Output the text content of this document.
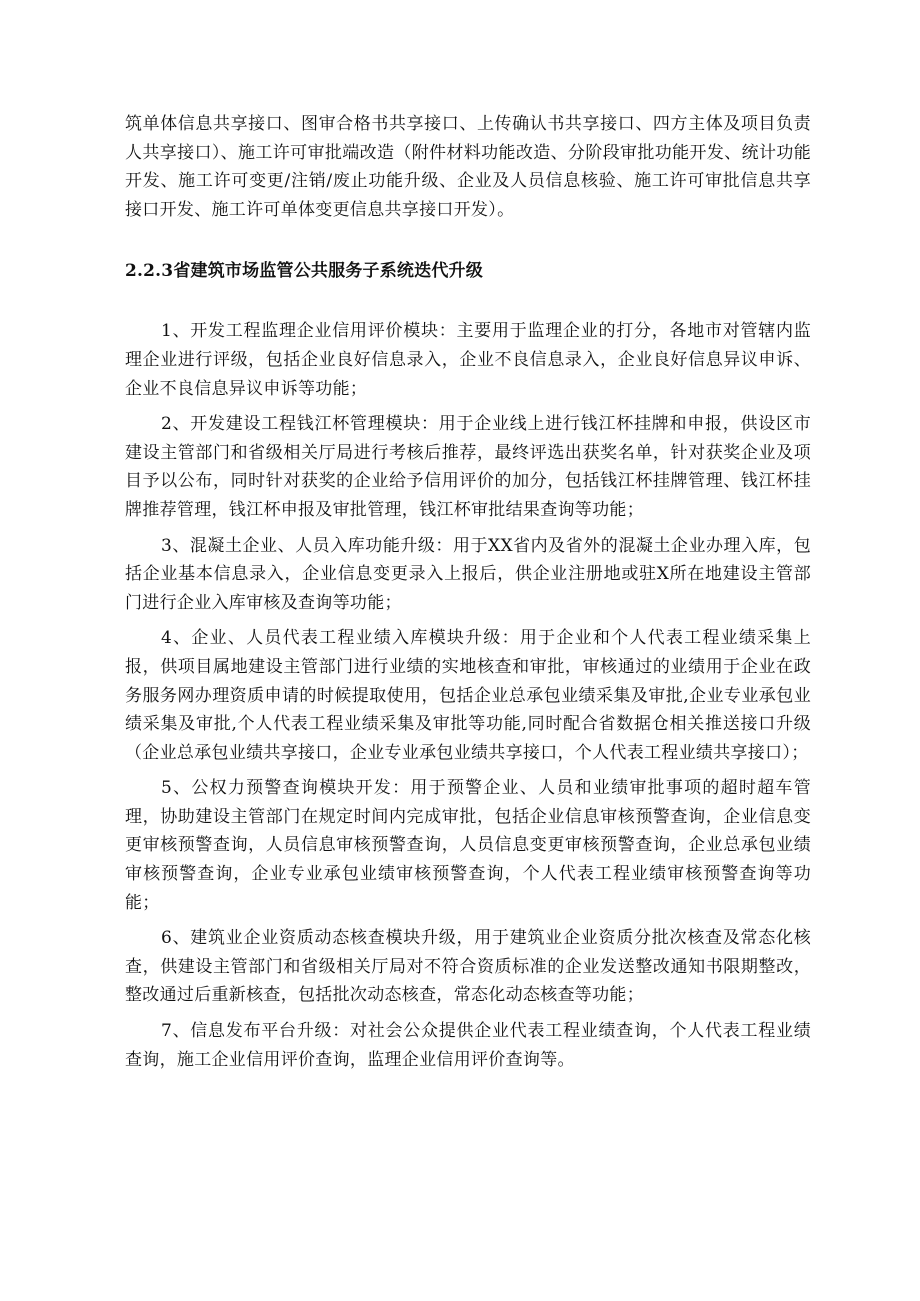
筑单体信息共享接口、图审合格书共享接口、上传确认书共享接口、四方主体及项目负责人共享接口）、施工许可审批端改造（附件材料功能改造、分阶段审批功能开发、统计功能开发、施工许可变更/注销/废止功能升级、企业及人员信息核验、施工许可审批信息共享接口开发、施工许可单体变更信息共享接口开发）。

2.2.3省建筑市场监管公共服务子系统迭代升级

1、开发工程监理企业信用评价模块：主要用于监理企业的打分，各地市对管辖内监理企业进行评级，包括企业良好信息录入，企业不良信息录入，企业良好信息异议申诉、企业不良信息异议申诉等功能；

2、开发建设工程钱江杯管理模块：用于企业线上进行钱江杯挂牌和申报，供设区市建设主管部门和省级相关厅局进行考核后推荐，最终评选出获奖名单，针对获奖企业及项目予以公布，同时针对获奖的企业给予信用评价的加分，包括钱江杯挂牌管理、钱江杯挂牌推荐管理，钱江杯申报及审批管理，钱江杯审批结果查询等功能；

3、混凝土企业、人员入库功能升级：用于XX省内及省外的混凝土企业办理入库，包括企业基本信息录入，企业信息变更录入上报后，供企业注册地或驻X所在地建设主管部门进行企业入库审核及查询等功能；

4、企业、人员代表工程业绩入库模块升级：用于企业和个人代表工程业绩采集上报，供项目属地建设主管部门进行业绩的实地核查和审批，审核通过的业绩用于企业在政务服务网办理资质申请的时候提取使用，包括企业总承包业绩采集及审批,企业专业承包业绩采集及审批,个人代表工程业绩采集及审批等功能,同时配合省数据仓相关推送接口升级（企业总承包业绩共享接口，企业专业承包业绩共享接口，个人代表工程业绩共享接口）；

5、公权力预警查询模块开发：用于预警企业、人员和业绩审批事项的超时超车管理，协助建设主管部门在规定时间内完成审批，包括企业信息审核预警查询，企业信息变更审核预警查询，人员信息审核预警查询，人员信息变更审核预警查询，企业总承包业绩审核预警查询，企业专业承包业绩审核预警查询，个人代表工程业绩审核预警查询等功能；

6、建筑业企业资质动态核查模块升级，用于建筑业企业资质分批次核查及常态化核查，供建设主管部门和省级相关厅局对不符合资质标准的企业发送整改通知书限期整改，整改通过后重新核查，包括批次动态核查，常态化动态核查等功能；

7、信息发布平台升级：对社会公众提供企业代表工程业绩查询，个人代表工程业绩查询，施工企业信用评价查询，监理企业信用评价查询等。
